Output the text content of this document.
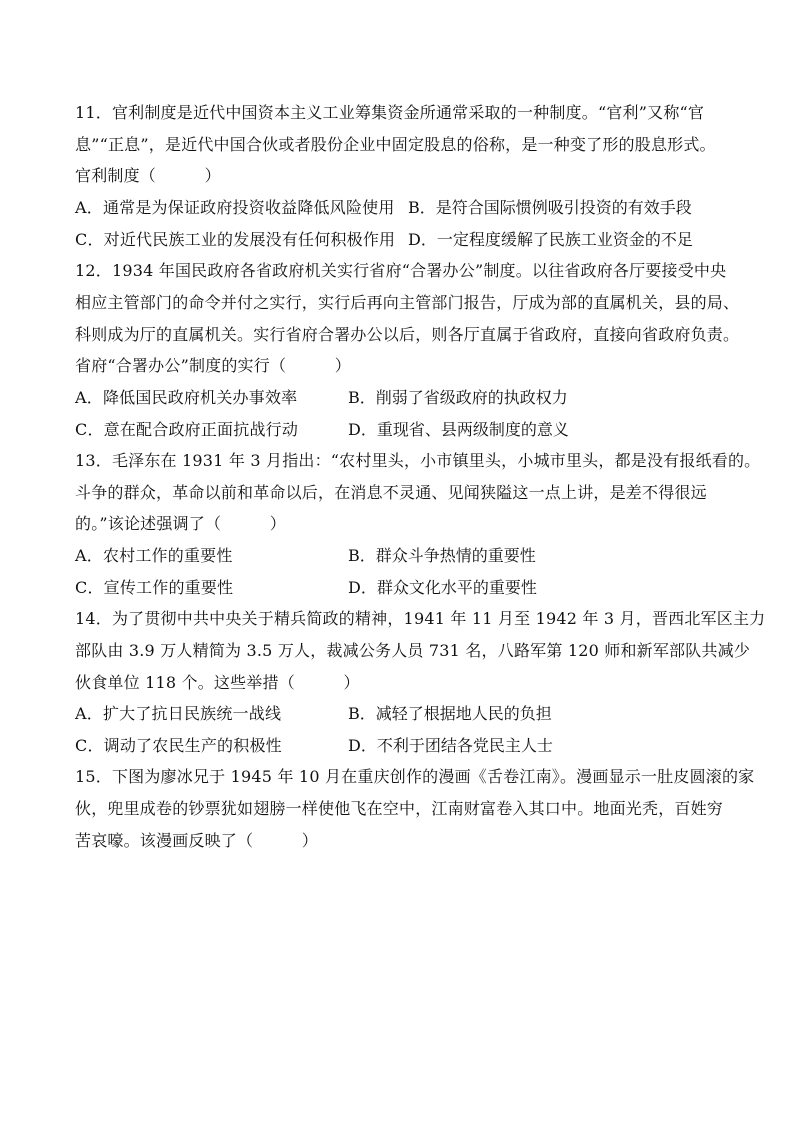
11．官利制度是近代中国资本主义工业筹集资金所通常采取的一种制度。“官利”又称“官
息”“正息”，是近代中国合伙或者股份企业中固定股息的俗称，是一种变了形的股息形式。
官利制度（　　　）
A．通常是为保证政府投资收益降低风险使用 B．是符合国际惯例吸引投资的有效手段
C．对近代民族工业的发展没有任何积极作用 D．一定程度缓解了民族工业资金的不足
12．1934 年国民政府各省政府机关实行省府“合署办公”制度。以往省政府各厅要接受中央
相应主管部门的命令并付之实行，实行后再向主管部门报告，厅成为部的直属机关，县的局、
科则成为厅的直属机关。实行省府合署办公以后，则各厅直属于省政府，直接向省政府负责。
省府“合署办公”制度的实行（　　　）
A．降低国民政府机关办事效率	B．削弱了省级政府的执政权力
C．意在配合政府正面抗战行动	D．重现省、县两级制度的意义
13．毛泽东在 1931 年 3 月指出：“农村里头，小市镇里头，小城市里头，都是没有报纸看的。
斗争的群众，革命以前和革命以后，在消息不灵通、见闻狭隘这一点上讲，是差不得很远
的。”该论述强调了（　　　）
A．农村工作的重要性	B．群众斗争热情的重要性
C．宣传工作的重要性	D．群众文化水平的重要性
14．为了贯彻中共中央关于精兵简政的精神，1941 年 11 月至 1942 年 3 月，晋西北军区主力
部队由 3.9 万人精简为 3.5 万人，裁减公务人员 731 名，八路军第 120 师和新军部队共减少
伙食单位 118 个。这些举措（　　　）
A．扩大了抗日民族统一战线	B．减轻了根据地人民的负担
C．调动了农民生产的积极性	D．不利于团结各党民主人士
15．下图为廖冰兄于 1945 年 10 月在重庆创作的漫画《舌卷江南》。漫画显示一肚皮圆滚的家
伙，兜里成卷的钞票犹如翅膀一样使他飞在空中，江南财富卷入其口中。地面光秃，百姓穷
苦哀嚎。该漫画反映了（　　　）
